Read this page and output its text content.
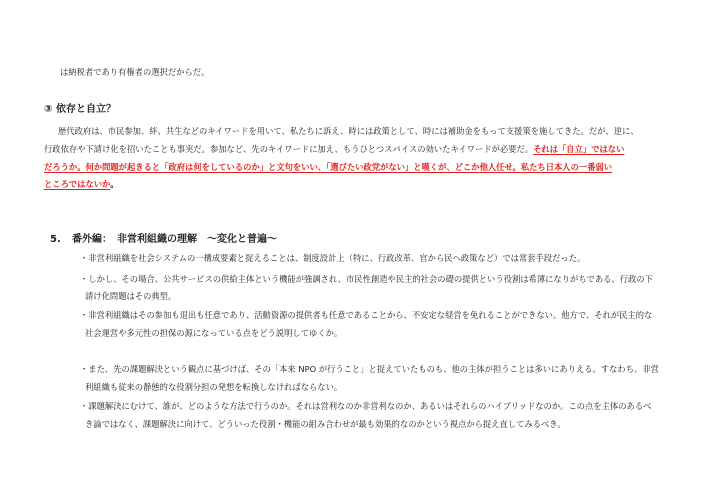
は納税者であり有権者の選択だからだ。
③ 依存と自立？
歴代政府は、市民参加、絆、共生などのキイワードを用いて、私たちに訴え、時には政策として、時には補助金をもって支援策を施してきた。だが、逆に、
行政依存や下請け化を招いたことも事実だ。参加など、先のキイワードに加え、もうひとつスパイスの効いたキイワードが必要だ。それは「自立」ではない
だろうか。何か問題が起きると「政府は何をしているのか」と文句をいい、「選びたい政党がない」と嘆くが、どこか他人任せ。私たち日本人の一番弱い
ところではないか。
5. 番外編：　非営利組織の理解　～変化と普遍～
・非営利組織を社会システムの一構成要素と捉えることは、制度設計上（特に、行政改革、官から民へ政策など）では常套手段だった。
・しかし、その場合、公共サービスの供給主体という機能が強調され、市民性創造や民主的社会の礎の提供という役割は希薄になりがちである。行政の下
請け化問題はその典型。
・非営利組織はその参加も退出も任意であり、活動資源の提供者も任意であることから、不安定な経営を免れることができない。他方で、それが民主的な
社会運営や多元性の担保の源になっている点をどう説明してゆくか。
・また、先の課題解決という観点に基づけば、その「本来 NPO が行うこと」と捉えていたものも、他の主体が担うことは多いにありえる。すなわち、非営
利組織も従来の静態的な役割分担の発想を転換しなければならない。
・課題解決にむけて、誰が、どのような方法で行うのか。それは営利なのか非営利なのか、あるいはそれらのハイブリッドなのか。この点を主体のあるべ
き論ではなく、課題解決に向けて、どういった役割・機能の組み合わせが最も効果的なのかという視点から捉え直してみるべき。
